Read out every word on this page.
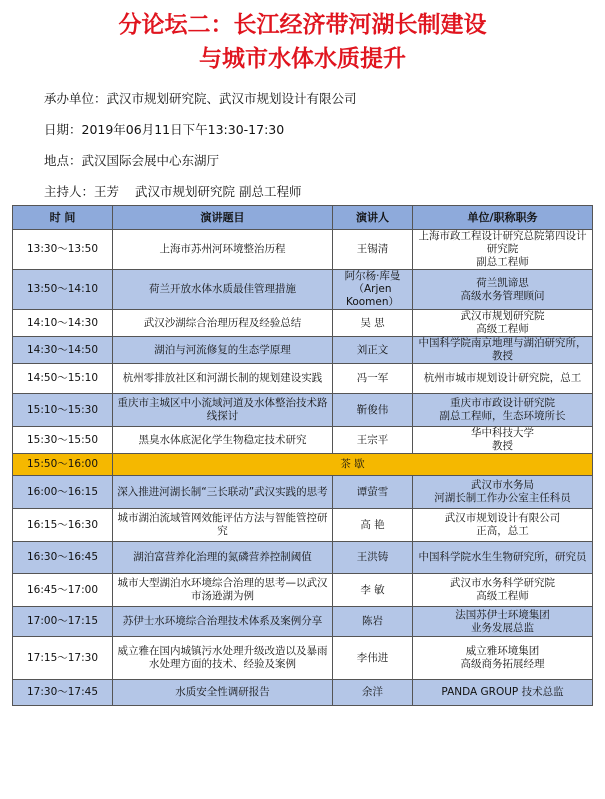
分论坛二：长江经济带河湖长制建设
与城市水体水质提升
承办单位：武汉市规划研究院、武汉市规划设计有限公司
日期：2019年06月11日下午13:30-17:30
地点：武汉国际会展中心东湖厅
主持人：王芳 武汉市规划研究院 副总工程师
时 间	演讲题目	演讲人	单位/职称职务
13:30～13:50	上海市苏州河环境整治历程	王锡清	上海市政工程设计研究总院第四设计研究院
副总工程师
13:50～14:10	荷兰开放水体水质最佳管理措施	阿尔杨·库曼
（Arjen Koomen）	荷兰凯谛思
高级水务管理顾问
14:10～14:30	武汉沙湖综合治理历程及经验总结	吴 思	武汉市规划研究院
高级工程师
14:30～14:50	湖泊与河流修复的生态学原理	刘正文	中国科学院南京地理与湖泊研究所，教授
14:50～15:10	杭州零排放社区和河湖长制的规划建设实践	冯一军	杭州市城市规划设计研究院，总工
15:10～15:30	重庆市主城区中小流域河道及水体整治技术路线探讨	靳俊伟	重庆市市政设计研究院
副总工程师，生态环境所长
15:30～15:50	黑臭水体底泥化学生物稳定技术研究	王宗平	华中科技大学
教授
15:50～16:00	茶 歇		
16:00～16:15	深入推进河湖长制“三长联动”武汉实践的思考	谭萤雪	武汉市水务局
河湖长制工作办公室主任科员
16:15～16:30	城市湖泊流域管网效能评估方法与智能管控研究	高 艳	武汉市规划设计有限公司
正高，总工
16:30～16:45	湖泊富营养化治理的氮磷营养控制阈值	王洪铸	中国科学院水生生物研究所，研究员
16:45～17:00	城市大型湖泊水环境综合治理的思考—以武汉市汤逊湖为例	李 敏	武汉市水务科学研究院
高级工程师
17:00～17:15	苏伊士水环境综合治理技术体系及案例分享	陈岩	法国苏伊士环境集团
业务发展总监
17:15～17:30	威立雅在国内城镇污水处理升级改造以及暴雨水处理方面的技术、经验及案例	李伟进	威立雅环境集团
高级商务拓展经理
17:30～17:45	水质安全性调研报告	余洋	PANDA GROUP 技术总监
